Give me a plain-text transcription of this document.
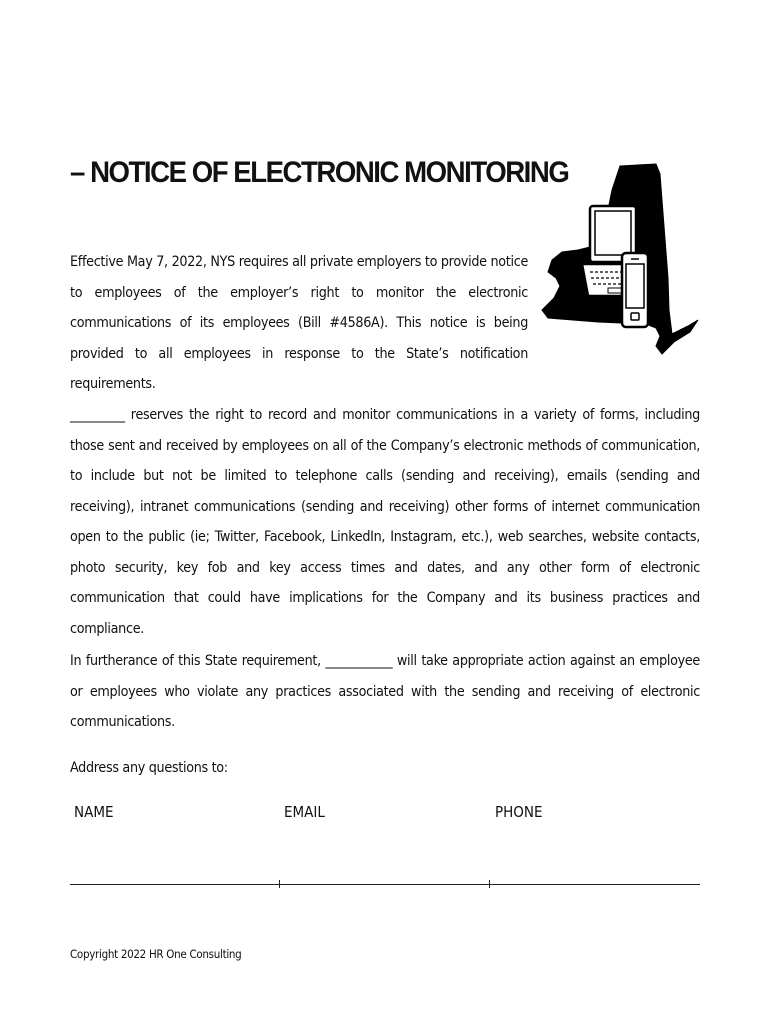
– NOTICE OF ELECTRONIC MONITORING

Effective May 7, 2022, NYS requires all private employers to provide notice to employees of the employer’s right to monitor the electronic communications of its employees (Bill #4586A). This notice is being provided to all employees in response to the State’s notification requirements.

_________ reserves the right to record and monitor communications in a variety of forms, including those sent and received by employees on all of the Company’s electronic methods of communication, to include but not be limited to telephone calls (sending and receiving), emails (sending and receiving), intranet communications (sending and receiving) other forms of internet communication open to the public (ie; Twitter, Facebook, LinkedIn, Instagram, etc.), web searches, website contacts, photo security, key fob and key access times and dates, and any other form of electronic communication that could have implications for the Company and its business practices and compliance.

In furtherance of this State requirement, ___________ will take appropriate action against an employee or employees who violate any practices associated with the sending and receiving of electronic communications.

Address any questions to:

NAME	EMAIL	PHONE
Copyright 2022 HR One Consulting
